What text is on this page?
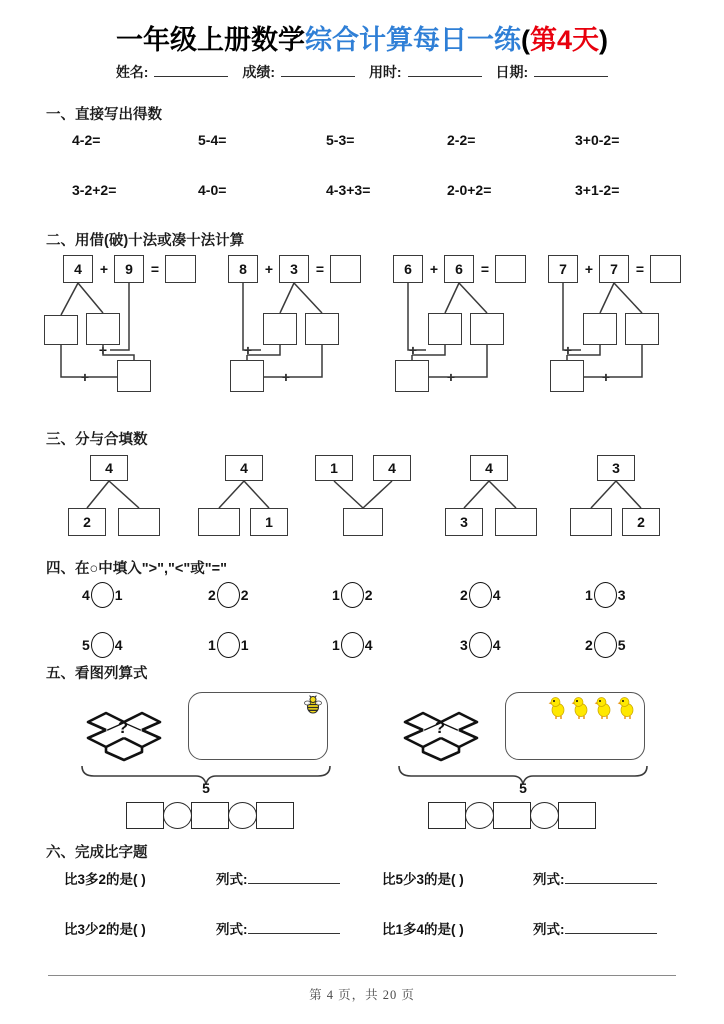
一年级上册数学综合计算每日一练(第4天)
姓名:	成绩:	用时:	日期:
一、直接写出得数
4-2=	5-4=	5-3=	2-2=	3+0-2=
3-2+2=	4-0=	4-3+3=	2-0+2=	3+1-2=
二、用借(破)十法或凑十法计算
4	+	9	=
+
+
8	+	3	=
+
+
6	+	6	=
+
+
7	+	7	=
+
+
三、分与合填数
4
2
4
1
1	4	4
3
3
2
四、在○中填入">","<"或"="
4 1	2 2	1 2	2 4	1 3
5 4	1 1	1 4	3 4	2 5
五、看图列算式
?
5
?
5
六、完成比字题
比3多2的是( )	列式:	比5少3的是( )	列式:
比3少2的是( )	列式:	比1多4的是( )	列式:
第 4 页，共 20 页
